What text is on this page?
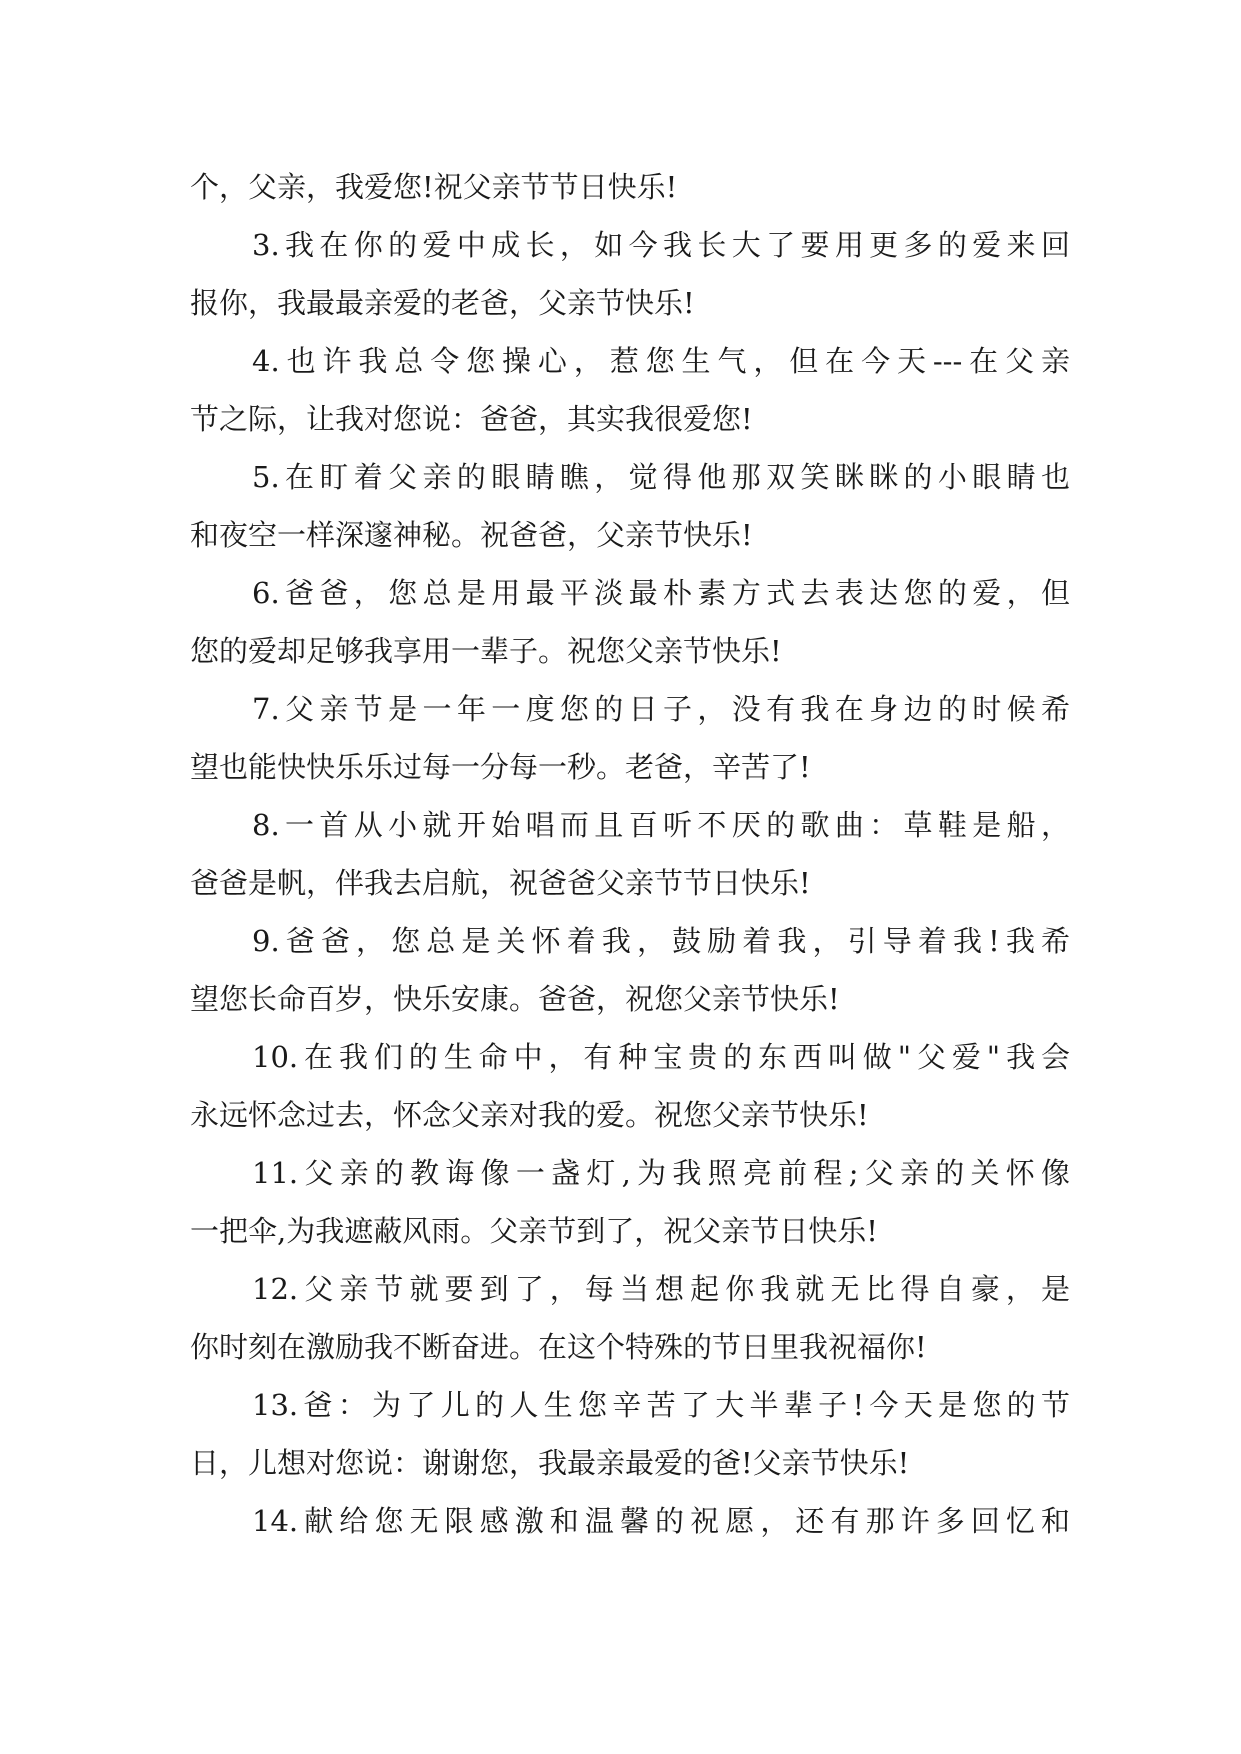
个，父亲，我爱您!祝父亲节节日快乐!
3.我在你的爱中成长，如今我长大了要用更多的爱来回
报你，我最最亲爱的老爸，父亲节快乐!
4.也许我总令您操心，惹您生气，但在今天---在父亲
节之际，让我对您说：爸爸，其实我很爱您!
5.在盯着父亲的眼睛瞧，觉得他那双笑眯眯的小眼睛也
和夜空一样深邃神秘。祝爸爸，父亲节快乐!
6.爸爸，您总是用最平淡最朴素方式去表达您的爱，但
您的爱却足够我享用一辈子。祝您父亲节快乐!
7.父亲节是一年一度您的日子，没有我在身边的时候希
望也能快快乐乐过每一分每一秒。老爸，辛苦了!
8.一首从小就开始唱而且百听不厌的歌曲：草鞋是船，
爸爸是帆，伴我去启航，祝爸爸父亲节节日快乐!
9.爸爸，您总是关怀着我，鼓励着我，引导着我!我希
望您长命百岁，快乐安康。爸爸，祝您父亲节快乐!
10.在我们的生命中，有种宝贵的东西叫做"父爱"我会
永远怀念过去，怀念父亲对我的爱。祝您父亲节快乐!
11.父亲的教诲像一盏灯,为我照亮前程;父亲的关怀像
一把伞,为我遮蔽风雨。父亲节到了，祝父亲节日快乐!
12.父亲节就要到了，每当想起你我就无比得自豪，是
你时刻在激励我不断奋进。在这个特殊的节日里我祝福你!
13.爸：为了儿的人生您辛苦了大半辈子!今天是您的节
日，儿想对您说：谢谢您，我最亲最爱的爸!父亲节快乐!
14.献给您无限感激和温馨的祝愿，还有那许多回忆和
